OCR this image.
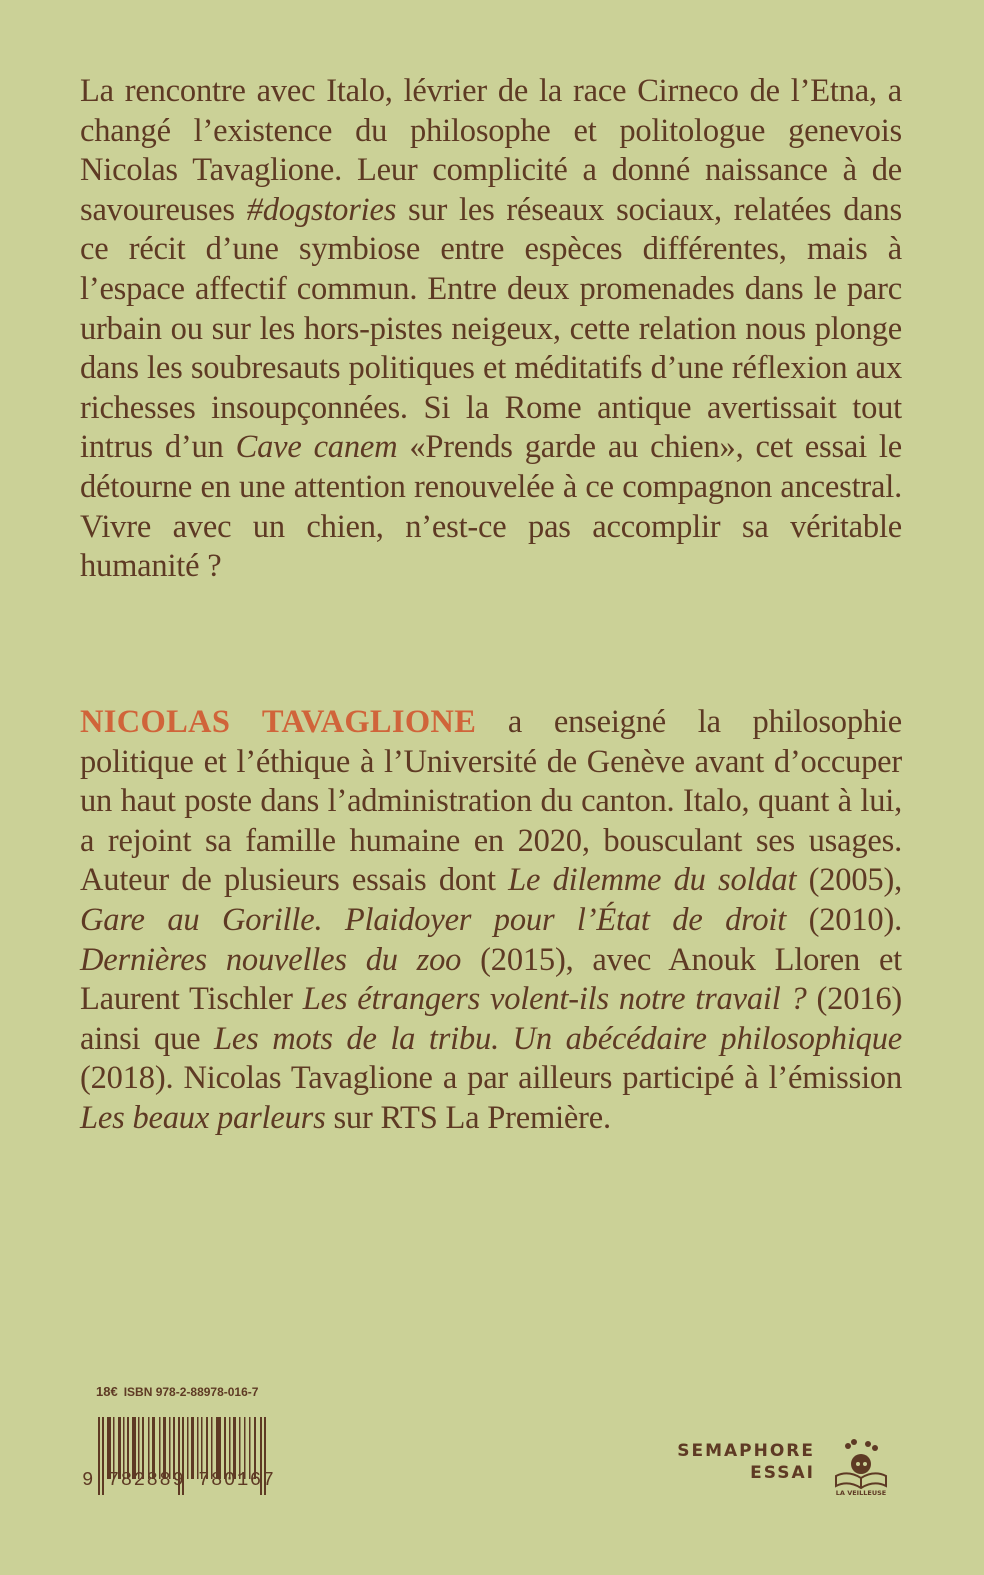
La rencontre avec Italo, lévrier de la race Cirneco de l’Etna, a changé l’existence du philosophe et politologue genevois Nicolas Tavaglione. Leur complicité a donné naissance à de savoureuses #dogstories sur les réseaux sociaux, relatées dans ce récit d’une symbiose entre espèces différentes, mais à l’espace affectif commun. Entre deux promenades dans le parc urbain ou sur les hors-pistes neigeux, cette relation nous plonge dans les soubresauts politiques et méditatifs d’une réflexion aux richesses insoupçonnées. Si la Rome antique avertissait tout intrus d’un Cave canem «Prends garde au chien», cet essai le détourne en une attention renouvelée à ce compagnon ancestral. Vivre avec un chien, n’est-ce pas accomplir sa véritable humanité ?

NICOLAS TAVAGLIONE a enseigné la philosophie politique et l’éthique à l’Université de Genève avant d’occuper un haut poste dans l’administration du canton. Italo, quant à lui, a rejoint sa famille humaine en 2020, bousculant ses usages. Auteur de plusieurs essais dont Le dilemme du soldat (2005), Gare au Gorille. Plaidoyer pour l’État de droit (2010). Dernières nouvelles du zoo (2015), avec Anouk Lloren et Laurent Tischler Les étrangers volent-ils notre travail ? (2016) ainsi que Les mots de la tribu. Un abécédaire philosophique (2018). Nicolas Tavaglione a par ailleurs participé à l’émission Les beaux parleurs sur RTS La Première.

18€ ISBN 978-2-88978-016-7
9 782889 780167
SEMAPHORE
ESSAI
LA VEILLEUSE
